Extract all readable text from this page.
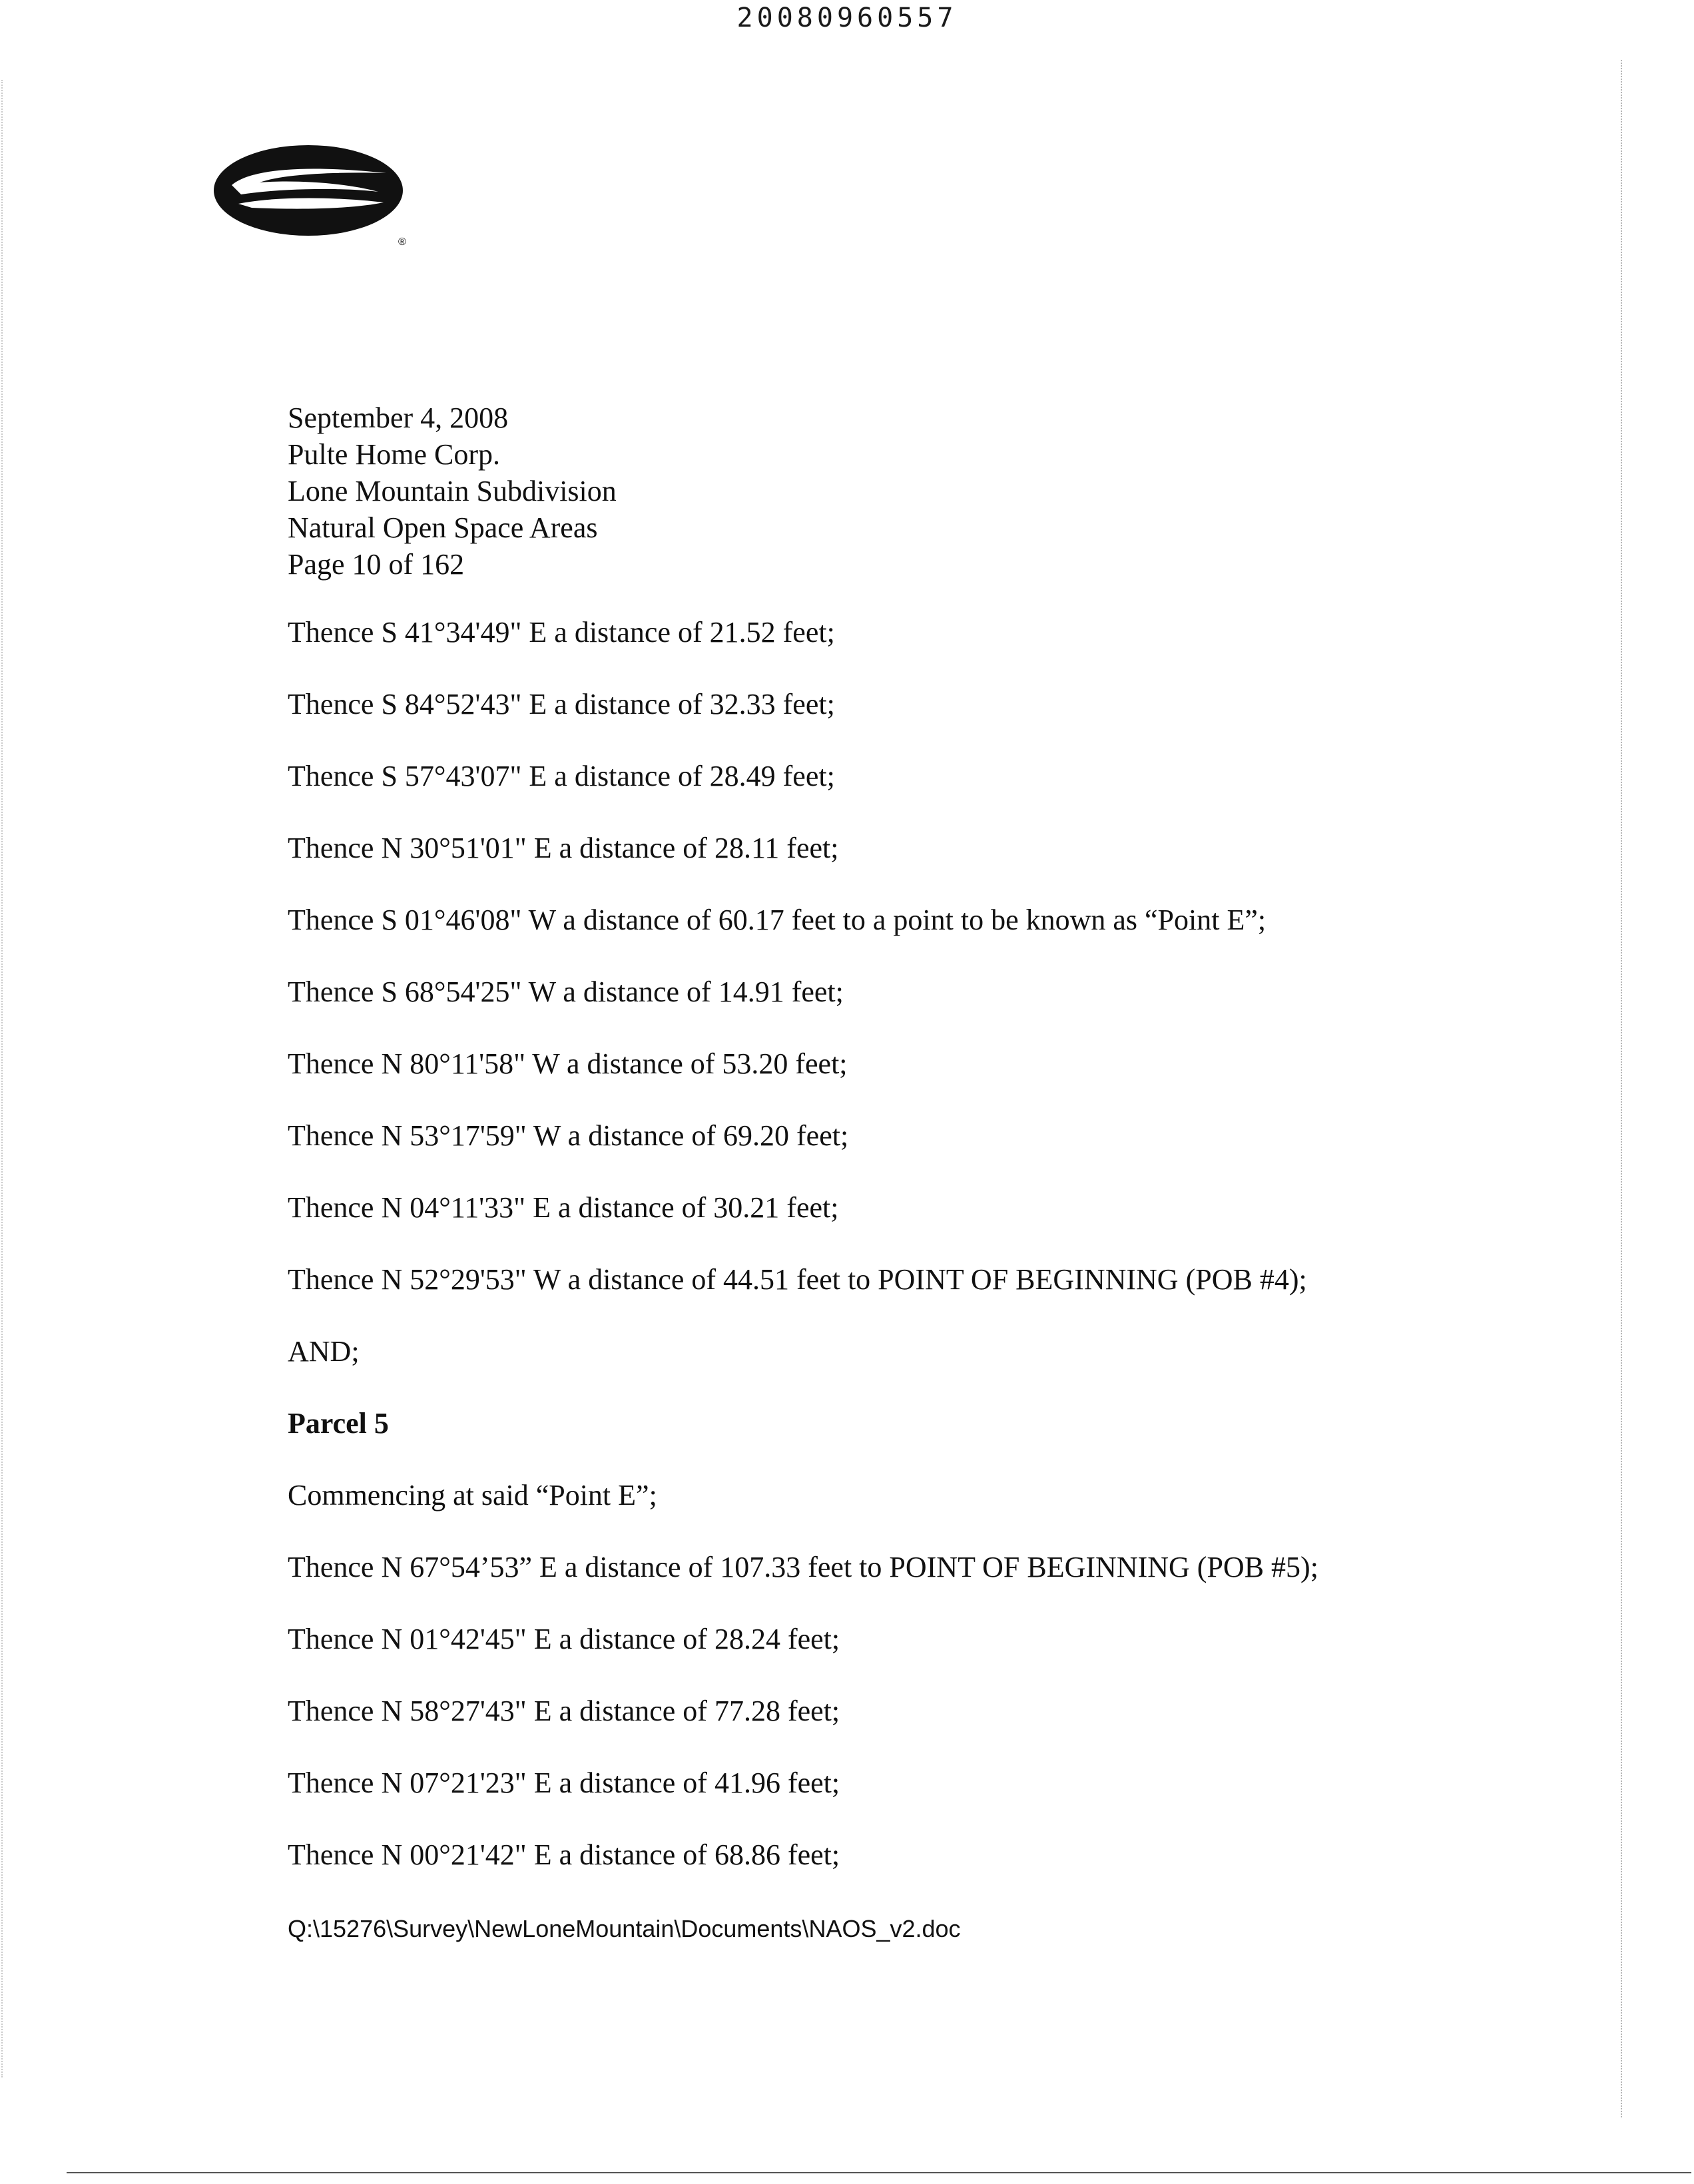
20080960557
®
September 4, 2008
Pulte Home Corp.
Lone Mountain Subdivision
Natural Open Space Areas
Page 10 of 162
Thence S 41°34'49" E a distance of 21.52 feet;
Thence S 84°52'43" E a distance of 32.33 feet;
Thence S 57°43'07" E a distance of 28.49 feet;
Thence N 30°51'01" E a distance of 28.11 feet;
Thence S 01°46'08" W a distance of 60.17 feet to a point to be known as “Point E”;
Thence S 68°54'25" W a distance of 14.91 feet;
Thence N 80°11'58" W a distance of 53.20 feet;
Thence N 53°17'59" W a distance of 69.20 feet;
Thence N 04°11'33" E a distance of 30.21 feet;
Thence N 52°29'53" W a distance of 44.51 feet to POINT OF BEGINNING (POB #4);
AND;
Parcel 5
Commencing at said “Point E”;
Thence N 67°54’53” E a distance of 107.33 feet to POINT OF BEGINNING (POB #5);
Thence N 01°42'45" E a distance of 28.24 feet;
Thence N 58°27'43" E a distance of 77.28 feet;
Thence N 07°21'23" E a distance of 41.96 feet;
Thence N 00°21'42" E a distance of 68.86 feet;
Q:\15276\Survey\NewLoneMountain\Documents\NAOS_v2.doc
